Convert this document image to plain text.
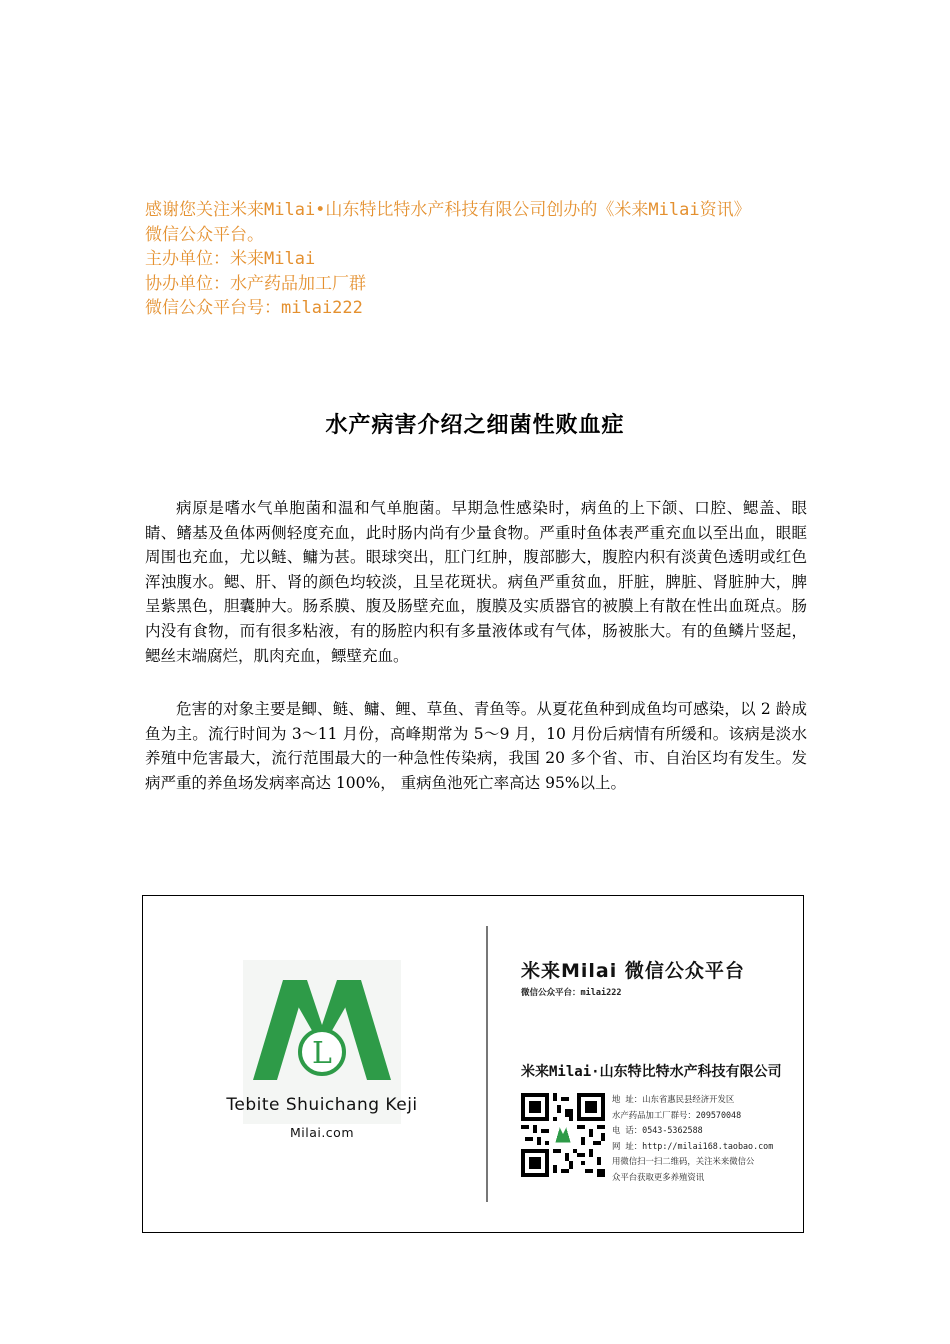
感谢您关注米来Milai•山东特比特水产科技有限公司创办的《米来Milai资讯》
微信公众平台。
主办单位：米来Milai
协办单位：水产药品加工厂群
微信公众平台号：milai222
水产病害介绍之细菌性败血症

病原是嗜水气单胞菌和温和气单胞菌。早期急性感染时，病鱼的上下颌、口腔、鳃盖、眼睛、鳍基及鱼体两侧轻度充血，此时肠内尚有少量食物。严重时鱼体表严重充血以至出血，眼眶周围也充血，尤以鲢、鳙为甚。眼球突出，肛门红肿，腹部膨大，腹腔内积有淡黄色透明或红色浑浊腹水。鳃、肝、肾的颜色均较淡，且呈花斑状。病鱼严重贫血，肝脏，脾脏、肾脏肿大，脾呈紫黑色，胆囊肿大。肠系膜、腹及肠壁充血，腹膜及实质器官的被膜上有散在性出血斑点。肠内没有食物，而有很多粘液，有的肠腔内积有多量液体或有气体，肠被胀大。有的鱼鳞片竖起，鳃丝末端腐烂，肌肉充血，鳔壁充血。

危害的对象主要是鲫、鲢、鳙、鲤、草鱼、青鱼等。从夏花鱼种到成鱼均可感染，以 2 龄成鱼为主。流行时间为 3～11 月份，高峰期常为 5～9 月，10 月份后病情有所缓和。该病是淡水养殖中危害最大，流行范围最大的一种急性传染病，我国 20 多个省、市、自治区均有发生。发病严重的养鱼场发病率高达 100%， 重病鱼池死亡率高达 95%以上。

L
Tebite Shuichang Keji
Milai.com
米来Milai 微信公众平台
微信公众平台：milai222
米来Milai·山东特比特水产科技有限公司
地 址：山东省惠民县经济开发区
水产药品加工厂群号：209570048
电 话：0543-5362588
网 址：http://milai168.taobao.com
用微信扫一扫二维码，关注米来微信公
众平台获取更多养殖资讯
